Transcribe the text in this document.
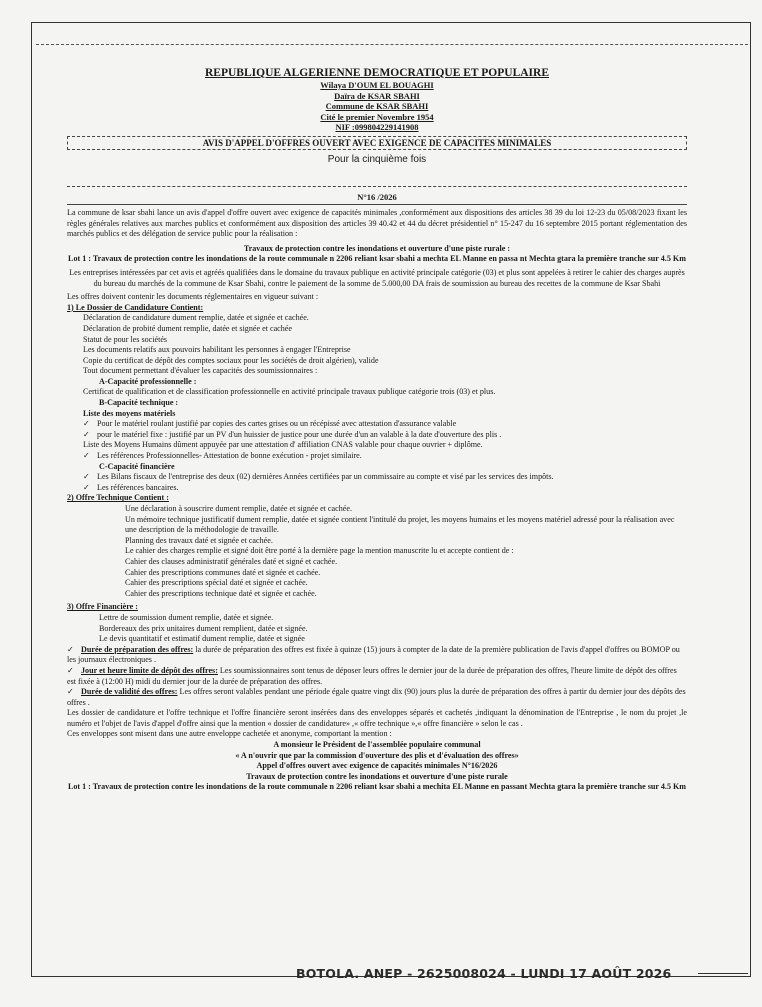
REPUBLIQUE ALGERIENNE DEMOCRATIQUE ET POPULAIRE
Wilaya D'OUM EL BOUAGHI
Daïra de KSAR SBAHI
Commune de KSAR SBAHI
Cité le premier Novembre 1954
NIF :099804229141908
AVIS D'APPEL D'OFFRES OUVERT AVEC EXIGENCE DE CAPACITES MINIMALES
Pour la cinquième fois
N°16 /2026
La commune de ksar sbahi lance un avis d'appel d'offre ouvert avec exigence de capacités minimales ,conformément aux dispositions des articles 38 39 du loi 12-23 du 05/08/2023 fixant les règles générales relatives aux marches publics et conformément aux disposition des articles 39 40.42 et 44 du décret présidentiel n° 15-247 du 16 septembre 2015 portant réglementation des marchés publics et des délégation de service public pour la réalisation :
Travaux de protection contre les inondations et ouverture d'une piste rurale :
Lot 1 : Travaux de protection contre les inondations de la route communale n 2206 reliant ksar sbahi a mechta EL Manne en passa nt Mechta gtara la première tranche sur 4.5 Km
Les entreprises intéressées par cet avis et agréés qualifiées dans le domaine du travaux publique en activité principale catégorie (03) et plus sont appelées à retirer le cahier des charges auprès du bureau du marchés de la commune de Ksar Sbahi, contre le paiement de la somme de 5.000,00 DA frais de soumission au bureau des recettes de la commune de Ksar Sbahi
Les offres doivent contenir les documents réglementaires en vigueur suivant :
1) Le Dossier de Candidature Contient:
Déclaration de candidature dument remplie, datée et signée et cachée.
Déclaration de probité dument remplie, datée et signée et cachée
Statut de pour les sociétés
Les documents relatifs aux pouvoirs habilitant les personnes à engager l'Entreprise
Copie du certificat de dépôt des comptes sociaux pour les sociétés de droit algérien), valide
Tout document permettant d'évaluer les capacités des soumissionnaires :
A-Capacité professionnelle :
Certificat de qualification et de classification professionnelle en activité principale travaux publique catégorie trois (03) et plus.
B-Capacité technique :
Liste des moyens matériels
✓ Pour le matériel roulant justifié par copies des cartes grises ou un récépissé avec attestation d'assurance valable
✓ pour le matériel fixe : justifié par un PV d'un huissier de justice pour une durée d'un an valable à la date d'ouverture des plis .
Liste des Moyens Humains dûment appuyée par une attestation d' affiliation CNAS valable pour chaque ouvrier + diplôme.
✓ Les références Professionnelles- Attestation de bonne exécution - projet similaire.
C-Capacité financière
✓ Les Bilans fiscaux de l'entreprise des deux (02) dernières Années certifiées par un commissaire au compte et visé par les services des impôts.
✓ Les références bancaires.
2) Offre Technique Contient :
Une déclaration à souscrire dument remplie, datée et signée et cachée.
Un mémoire technique justificatif dument remplie, datée et signée contient l'intitulé du projet, les moyens humains et les moyens matériel adressé pour la réalisation avec une description de la méthodologie de travaille.
Planning des travaux daté et signée et cachée.
Le cahier des charges remplie et signé doit être porté à la dernière page la mention manuscrite lu et accepte contient de :
Cahier des clauses administratif générales daté et signé et cachée.
Cahier des prescriptions communes daté et signée et cachée.
Cahier des prescriptions spécial daté et signée et cachée.
Cahier des prescriptions technique daté et signée et cachée.
3) Offre Financière :
Lettre de soumission dument remplie, datée et signée.
Bordereaux des prix unitaires dument remplient, datée et signée.
Le devis quantitatif et estimatif dument remplie, datée et signée
✓ Durée de préparation des offres: la durée de préparation des offres est fixée à quinze (15) jours à compter de la date de la première publication de l'avis d'appel d'offres ou BOMOP ou les journaux électroniques .
✓ Jour et heure limite de dépôt des offres: Les soumissionnaires sont tenus de déposer leurs offres le dernier jour de la durée de préparation des offres, l'heure limite de dépôt des offres est fixée à (12:00 H) midi du dernier jour de la durée de préparation des offres.
✓ Durée de validité des offres: Les offres seront valables pendant une période égale quatre vingt dix (90) jours plus la durée de préparation des offres à partir du dernier jour des dépôts des offres .
Les dossier de candidature et l'offre technique et l'offre financière seront insérées dans des enveloppes séparés et cachetés ,indiquant la dénomination de l'Entreprise , le nom du projet ,le numéro et l'objet de l'avis d'appel d'offre ainsi que la mention « dossier de candidature» ,« offre technique »,« offre financière » selon le cas .
Ces enveloppes sont misent dans une autre enveloppe cachetée et anonyme, comportant la mention :
A monsieur le Président de l'assemblée populaire communal
« A n'ouvrir que par la commission d'ouverture des plis et d'évaluation des offres»
Appel d'offres ouvert avec exigence de capacités minimales N°16/2026
Travaux de protection contre les inondations et ouverture d'une piste rurale
Lot 1 : Travaux de protection contre les inondations de la route communale n 2206 reliant ksar sbahi a mechita EL Manne en passant Mechta gtara la première tranche sur 4.5 Km
BOTOLA. ANEP - 2625008024 - LUNDI 17 AOÛT 2026
